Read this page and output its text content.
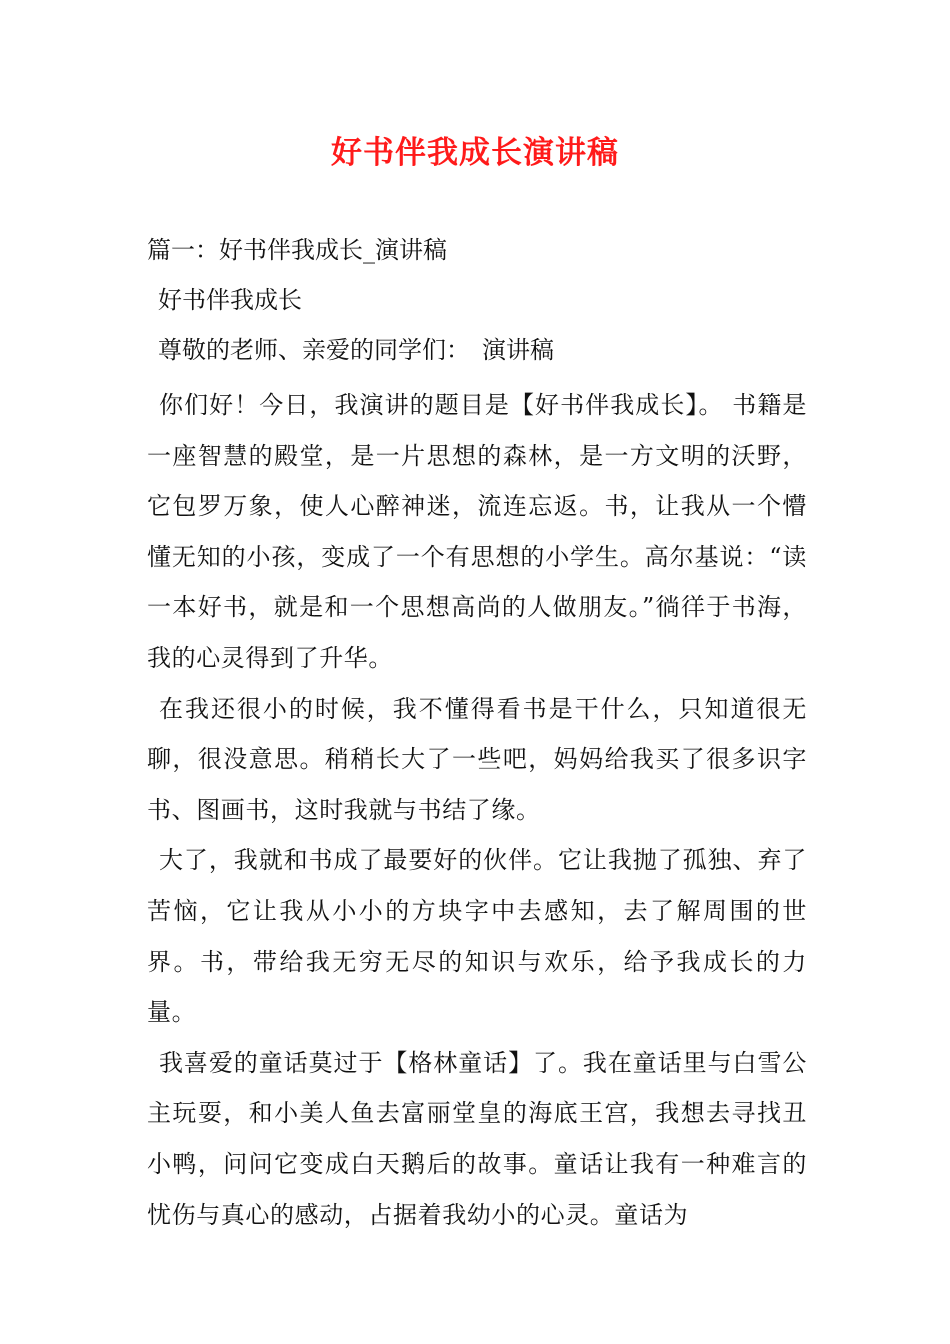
好书伴我成长演讲稿

篇一：好书伴我成长_演讲稿

好书伴我成长

尊敬的老师、亲爱的同学们：　演讲稿

你们好！今日，我演讲的题目是【好书伴我成长】。 书籍是一座智慧的殿堂，是一片思想的森林，是一方文明的沃野，它包罗万象，使人心醉神迷，流连忘返。书，让我从一个懵懂无知的小孩，变成了一个有思想的小学生。高尔基说：“读一本好书，就是和一个思想高尚的人做朋友。”徜徉于书海，我的心灵得到了升华。

在我还很小的时候，我不懂得看书是干什么，只知道很无聊，很没意思。稍稍长大了一些吧，妈妈给我买了很多识字书、图画书，这时我就与书结了缘。

大了，我就和书成了最要好的伙伴。它让我抛了孤独、弃了苦恼，它让我从小小的方块字中去感知，去了解周围的世界。书，带给我无穷无尽的知识与欢乐，给予我成长的力量。

我喜爱的童话莫过于【格林童话】了。我在童话里与白雪公主玩耍，和小美人鱼去富丽堂皇的海底王宫，我想去寻找丑小鸭，问问它变成白天鹅后的故事。童话让我有一种难言的忧伤与真心的感动，占据着我幼小的心灵。童话为
